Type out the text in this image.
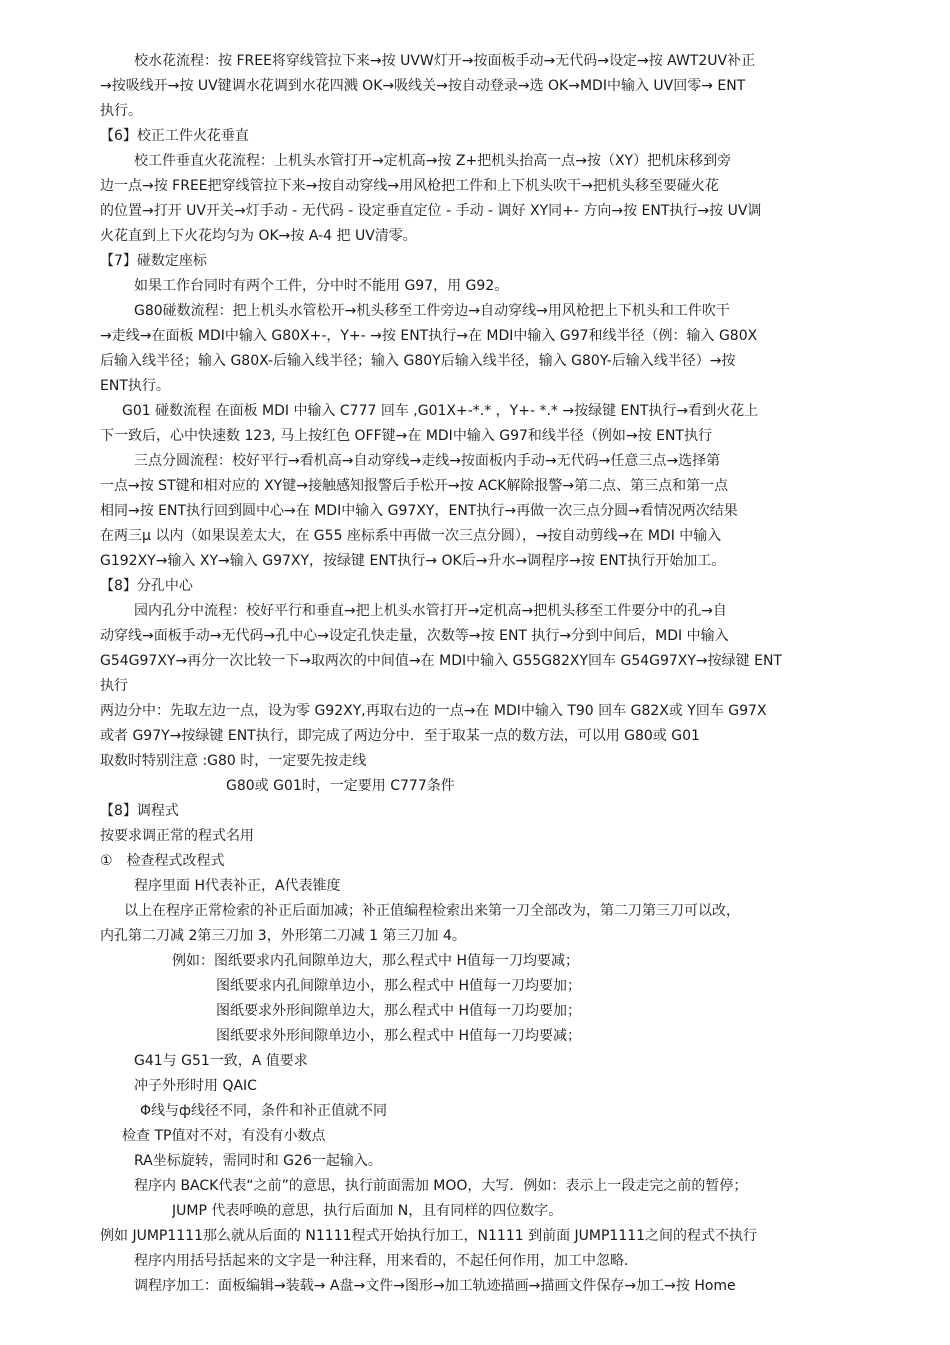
校水花流程：按 FREE将穿线管拉下来→按 UVW灯开→按面板手动→无代码→设定→按 AWT2UV补正
→按吸线开→按 UV键调水花调到水花四溅 OK→吸线关→按自动登录→选 OK→MDI中输入 UV回零→ ENT
执行。
【6】校正工件火花垂直
校工件垂直火花流程：上机头水管打开→定机高→按 Z+把机头抬高一点→按（XY）把机床移到旁
边一点→按 FREE把穿线管拉下来→按自动穿线→用风枪把工件和上下机头吹干→把机头移至要碰火花
的位置→打开 UV开关→灯手动 - 无代码 - 设定垂直定位 - 手动 - 调好 XY同+- 方向→按 ENT执行→按 UV调
火花直到上下火花均匀为 OK→按 A-4 把 UV清零。
【7】碰数定座标
如果工作台同时有两个工件，分中时不能用 G97，用 G92。
G80碰数流程：把上机头水管松开→机头移至工件旁边→自动穿线→用风枪把上下机头和工件吹干
→走线→在面板 MDI中输入 G80X+-，Y+- →按 ENT执行→在 MDI中输入 G97和线半径（例：输入 G80X
后输入线半径；输入 G80X-后输入线半径；输入 G80Y后输入线半径，输入 G80Y-后输入线半径）→按
ENT执行。
G01 碰数流程 在面板 MDI 中输入 C777 回车 ,G01X+-*.* ，Y+- *.* →按绿键 ENT执行→看到火花上
下一致后，心中快速数 123, 马上按红色 OFF键→在 MDI中输入 G97和线半径（例如→按 ENT执行
三点分圆流程：校好平行→看机高→自动穿线→走线→按面板内手动→无代码→任意三点→选择第
一点→按 ST键和相对应的 XY键→接触感知报警后手松开→按 ACK解除报警→第二点、第三点和第一点
相同→按 ENT执行回到圆中心→在 MDI中输入 G97XY，ENT执行→再做一次三点分圆→看情况两次结果
在两三μ 以内（如果误差太大，在 G55 座标系中再做一次三点分圆），→按自动剪线→在 MDI 中输入
G192XY→输入 XY→输入 G97XY，按绿键 ENT执行→ OK后→升水→调程序→按 ENT执行开始加工。
【8】分孔中心
园内孔分中流程：校好平行和垂直→把上机头水管打开→定机高→把机头移至工件要分中的孔→自
动穿线→面板手动→无代码→孔中心→设定孔快走量，次数等→按 ENT 执行→分到中间后，MDI 中输入
G54G97XY→再分一次比较一下→取两次的中间值→在 MDI中输入 G55G82XY回车 G54G97XY→按绿键 ENT
执行
两边分中：先取左边一点，设为零 G92XY,再取右边的一点→在 MDI中输入 T90 回车 G82X或 Y回车 G97X
或者 G97Y→按绿键 ENT执行，即完成了两边分中．至于取某一点的数方法，可以用 G80或 G01
取数时特别注意 :G80 时，一定要先按走线
G80或 G01时，一定要用 C777条件
【8】调程式
按要求调正常的程式名用
①　检查程式改程式
程序里面 H代表补正，A代表锥度
以上在程序正常检索的补正后面加减；补正值编程检索出来第一刀全部改为，第二刀第三刀可以改，
内孔第二刀减 2第三刀加 3，外形第二刀减 1 第三刀加 4。
例如：图纸要求内孔间隙单边大，那么程式中 H值每一刀均要减；
图纸要求内孔间隙单边小，那么程式中 H值每一刀均要加；
图纸要求外形间隙单边大，那么程式中 H值每一刀均要加；
图纸要求外形间隙单边小，那么程式中 H值每一刀均要减；
G41与 G51一致，A 值要求
冲子外形时用 QAIC
Φ线与ф线径不同，条件和补正值就不同
检查 TP值对不对，有没有小数点
RA坐标旋转，需同时和 G26一起输入。
程序内 BACK代表“之前”的意思，执行前面需加 MOO，大写．例如：表示上一段走完之前的暂停；
JUMP 代表呼唤的意思，执行后面加 N，且有同样的四位数字。
例如 JUMP1111那么就从后面的 N1111程式开始执行加工，N1111 到前面 JUMP1111之间的程式不执行
程序内用括号括起来的文字是一种注释，用来看的，不起任何作用，加工中忽略．
调程序加工：面板编辑→装载→ A盘→文件→图形→加工轨迹描画→描画文件保存→加工→按 Home
